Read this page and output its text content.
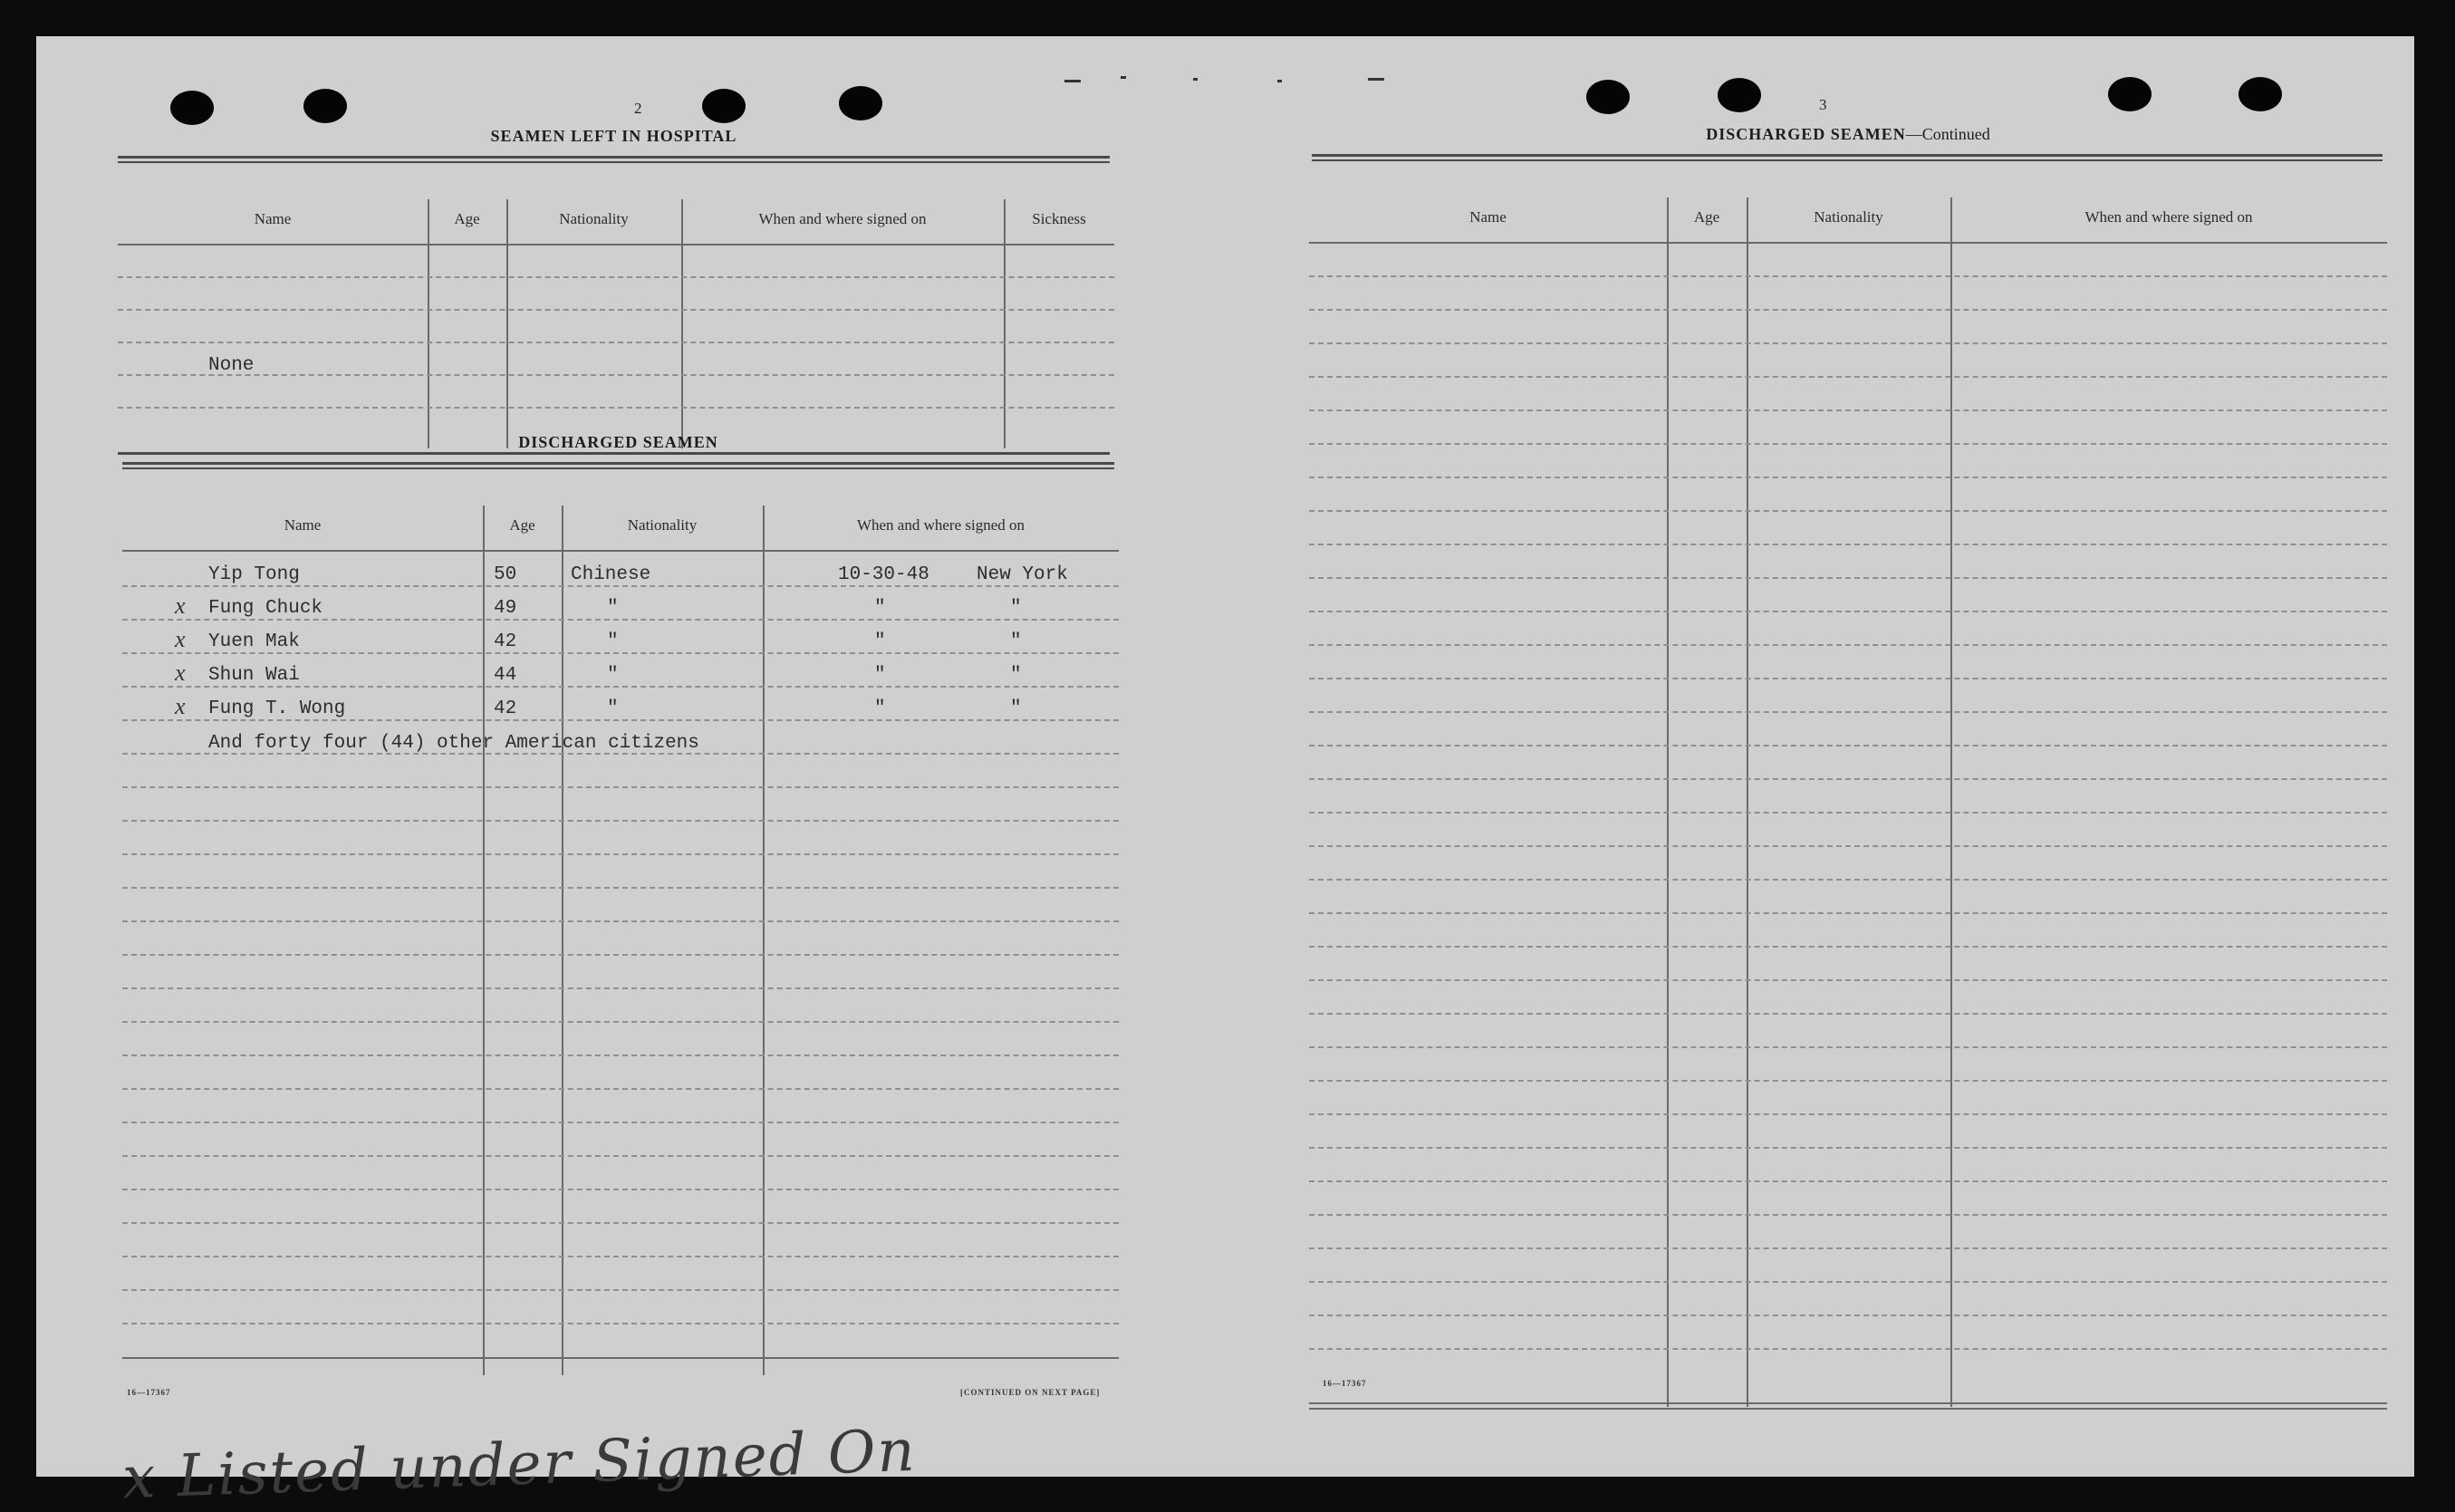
2
SEAMEN LEFT IN HOSPITAL
Name	Age	Nationality	When and where signed on	Sickness
None
DISCHARGED SEAMEN
Name	Age	Nationality	When and where signed on
Yip Tong	50	Chinese	10-30-48 New York
x Fung Chuck	49	"	"	"
x Yuen Mak	42	"	"	"
x Shun Wai	44	"	"	"
x Fung T. Wong	42	"	"	"
And forty four (44) other American citizens
16—17367	[CONTINUED ON NEXT PAGE]
3
DISCHARGED SEAMEN—Continued
Name	Age	Nationality	When and where signed on
16—17367
x Listed under Signed On
